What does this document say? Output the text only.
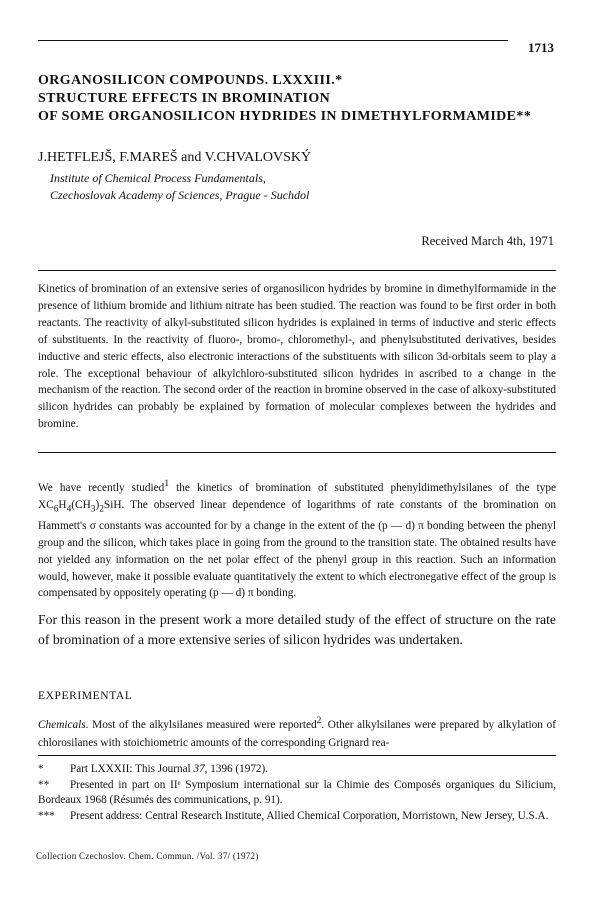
1713
ORGANOSILICON COMPOUNDS. LXXXIII.*
STRUCTURE EFFECTS IN BROMINATION
OF SOME ORGANOSILICON HYDRIDES IN DIMETHYLFORMAMIDE**
J.HETFLEJŠ, F.MAREŠ and V.CHVALOVSKÝ
Institute of Chemical Process Fundamentals,
Czechoslovak Academy of Sciences, Prague - Suchdol
Received March 4th, 1971
Kinetics of bromination of an extensive series of organosilicon hydrides by bromine in dimethylformamide in the presence of lithium bromide and lithium nitrate has been studied. The reaction was found to be first order in both reactants. The reactivity of alkyl-substituted silicon hydrides is explained in terms of inductive and steric effects of substituents. In the reactivity of fluoro-, bromo-, chloromethyl-, and phenylsubstituted derivatives, besides inductive and steric effects, also electronic interactions of the substituents with silicon 3d-orbitals seem to play a role. The exceptional behaviour of alkylchloro-substituted silicon hydrides in ascribed to a change in the mechanism of the reaction. The second order of the reaction in bromine observed in the case of alkoxy-substituted silicon hydrides can probably be explained by formation of molecular complexes between the hydrides and bromine.
We have recently studied$^1$ the kinetics of bromination of substituted phenyldimethylsilanes of the type $XC_6H_4(CH_3)_2SiH$. The observed linear dependence of logarithms of rate constants of the bromination on Hammett's σ constants was accounted for by a change in the extent of the (p — d) π bonding between the phenyl group and the silicon, which takes place in going from the ground to the transition state. The obtained results have not yielded any information on the net polar effect of the phenyl group in this reaction. Such an information would, however, make it possible evaluate quantitatively the extent to which electronegative effect of the group is compensated by oppositely operating (p — d) π bonding.
For this reason in the present work a more detailed study of the effect of structure on the rate of bromination of a more extensive series of silicon hydrides was undertaken.
EXPERIMENTAL
Chemicals. Most of the alkylsilanes measured were reported$^2$. Other alkylsilanes were prepared by alkylation of chlorosilanes with stoichiometric amounts of the corresponding Grignard rea-
* Part LXXXII: This Journal 37, 1396 (1972).
** Presented in part on IIᵉ Symposium international sur la Chimie des Composés organiques du Silicium, Bordeaux 1968 (Résumés des communications, p. 91).
*** Present address: Central Research Institute, Allied Chemical Corporation, Morristown, New Jersey, U.S.A.
Collection Czechoslov. Chem. Commun. /Vol. 37/ (1972)
